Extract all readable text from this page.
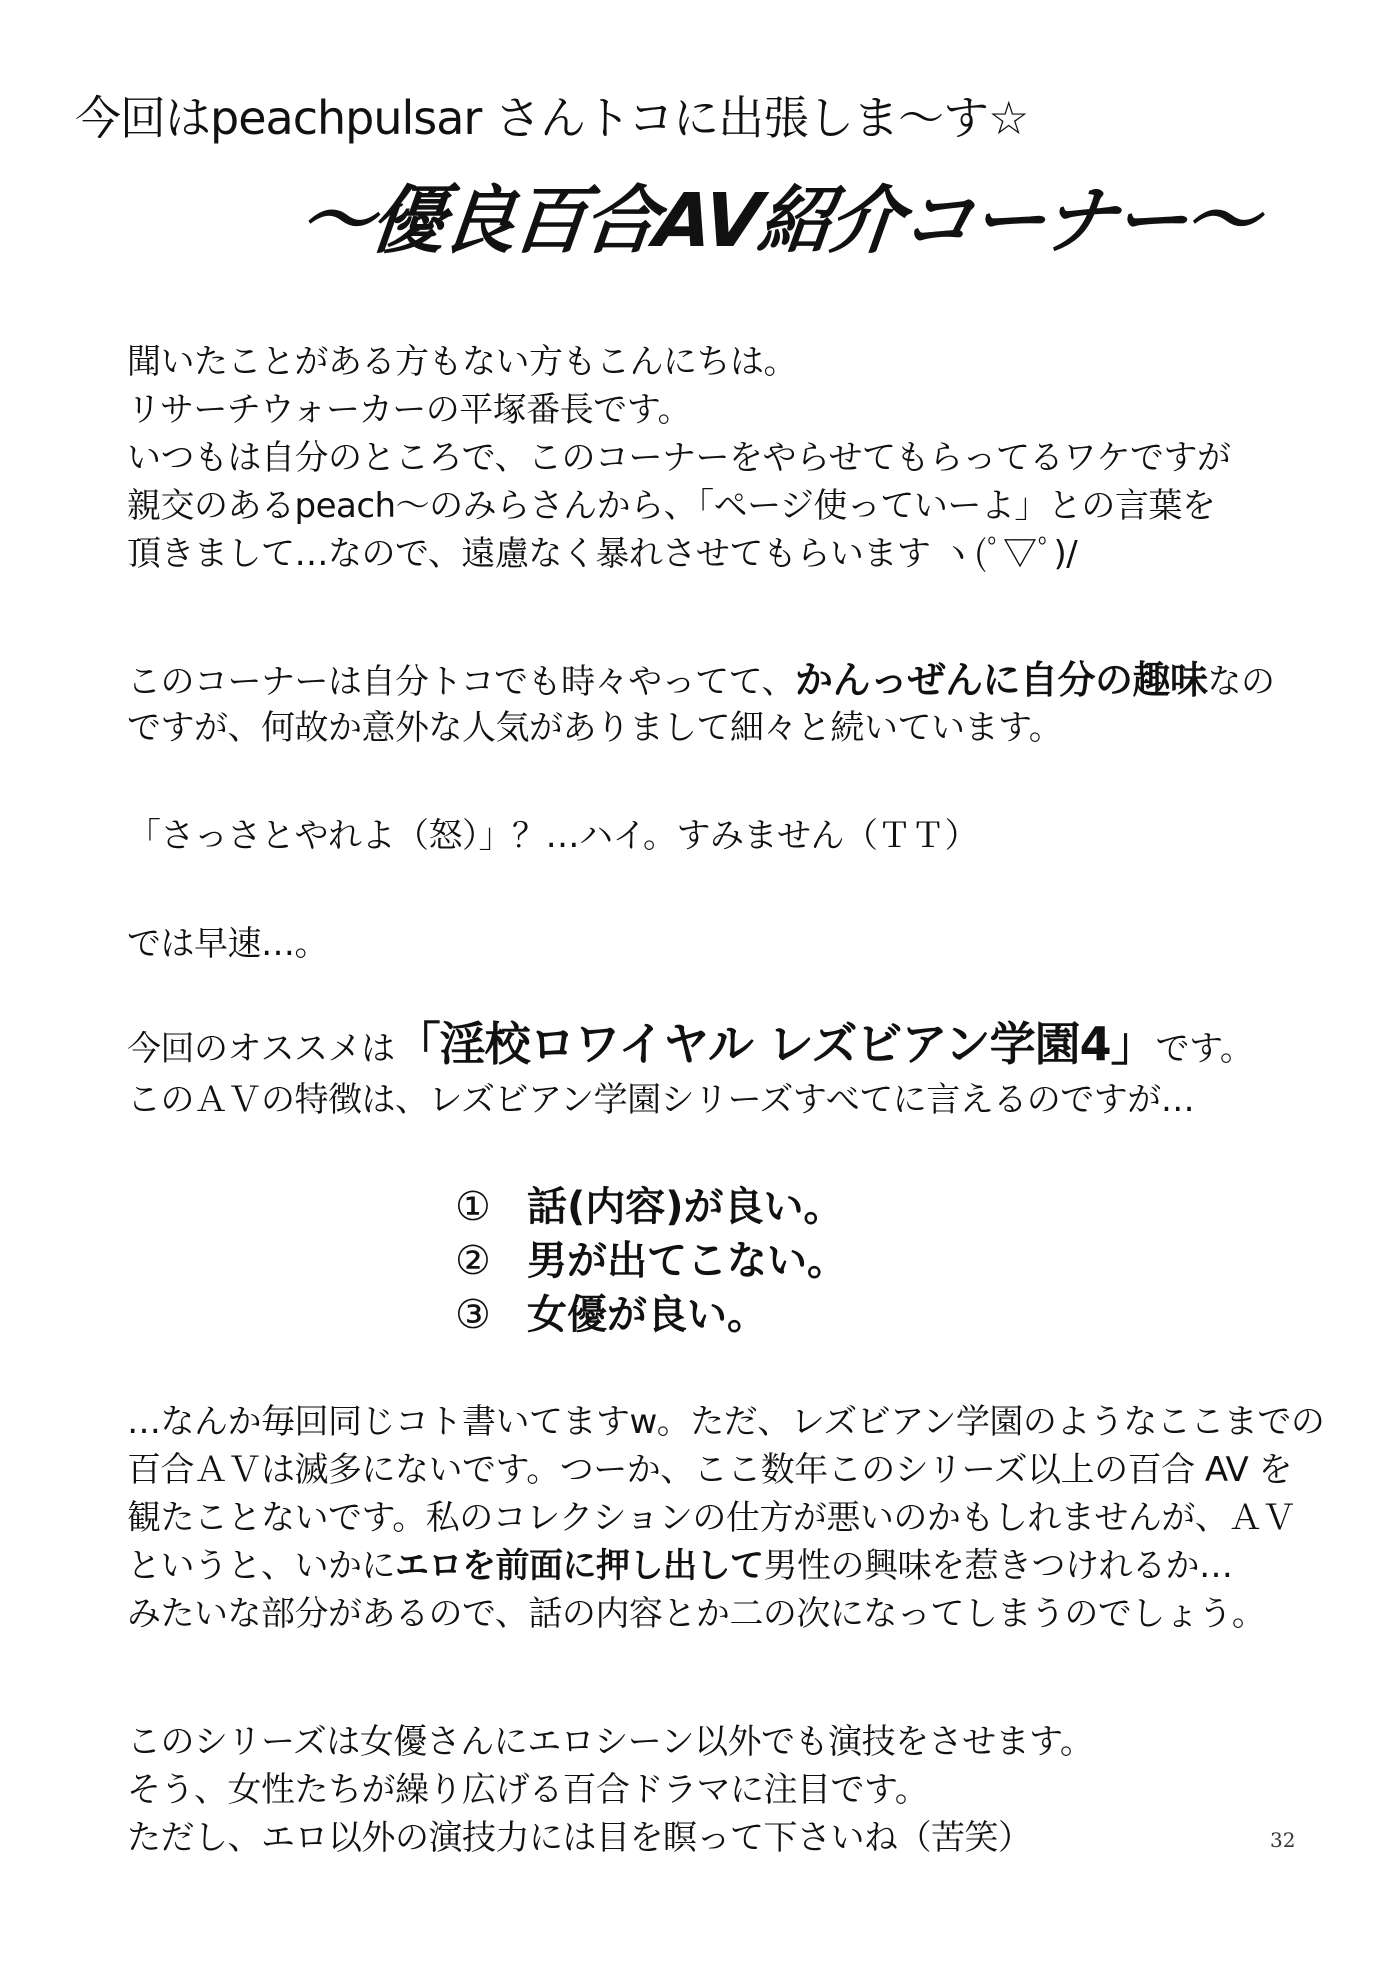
今回はpeachpulsar さんトコに出張しま～す☆
～優良百合AV紹介コーナー～
聞いたことがある方もない方もこんにちは。
リサーチウォーカーの平塚番長です。
いつもは自分のところで、このコーナーをやらせてもらってるワケですが
親交のあるpeach～のみらさんから、「ページ使っていーよ」との言葉を
頂きまして…なので、遠慮なく暴れさせてもらいます ヽ(ﾟ▽ﾟ)/
このコーナーは自分トコでも時々やってて、かんっぜんに自分の趣味なの
ですが、何故か意外な人気がありまして細々と続いています。
「さっさとやれよ（怒）」？…ハイ。すみません（ＴＴ）
では早速…。
今回のオススメは「淫校ロワイヤル レズビアン学園4」です。
このＡＶの特徴は、レズビアン学園シリーズすべてに言えるのですが…
① 話(内容)が良い。
② 男が出てこない。
③ 女優が良い。
…なんか毎回同じコト書いてますw。ただ、レズビアン学園のようなここまでの
百合ＡＶは滅多にないです。つーか、ここ数年このシリーズ以上の百合 AV を
観たことないです。私のコレクションの仕方が悪いのかもしれませんが、ＡＶ
というと、いかにエロを前面に押し出して男性の興味を惹きつけれるか…
みたいな部分があるので、話の内容とか二の次になってしまうのでしょう。
このシリーズは女優さんにエロシーン以外でも演技をさせます。
そう、女性たちが繰り広げる百合ドラマに注目です。
ただし、エロ以外の演技力には目を瞑って下さいね（苦笑）	32
